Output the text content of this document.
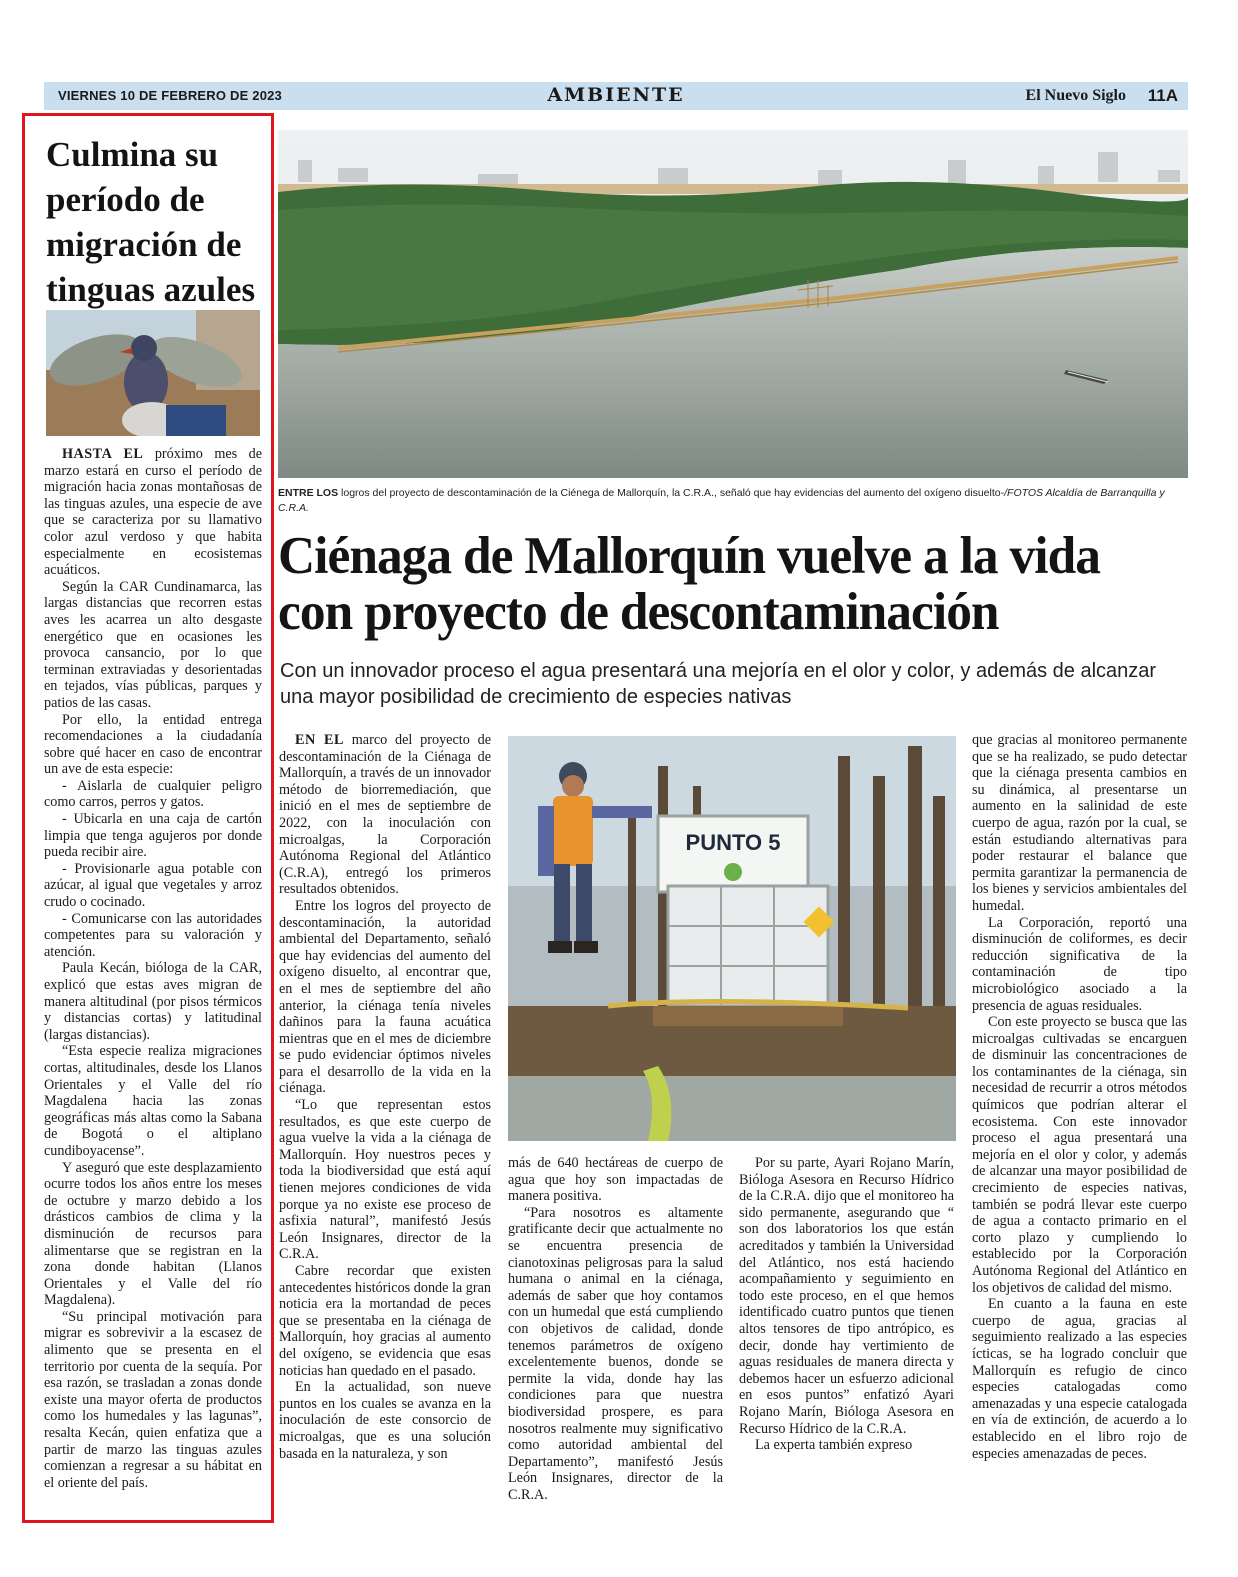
VIERNES 10 DE FEBRERO DE 2023	AMBIENTE	El Nuevo Siglo 11A
Culmina su período de migración de tinguas azules

HASTA EL próximo mes de marzo estará en curso el período de migración hacia zonas montañosas de las tinguas azules, una especie de ave que se caracteriza por su llamativo color azul verdoso y que habita especialmente en ecosistemas acuáticos.

Según la CAR Cundinamarca, las largas distancias que recorren estas aves les acarrea un alto desgaste energético que en ocasiones les provoca cansancio, por lo que terminan extraviadas y desorientadas en tejados, vías públicas, parques y patios de las casas.

Por ello, la entidad entrega recomendaciones a la ciudadanía sobre qué hacer en caso de encontrar un ave de esta especie:

- Aislarla de cualquier peligro como carros, perros y gatos.

- Ubicarla en una caja de cartón limpia que tenga agujeros por donde pueda recibir aire.

- Provisionarle agua potable con azúcar, al igual que vegetales y arroz crudo o cocinado.

- Comunicarse con las autoridades competentes para su valoración y atención.

Paula Kecán, bióloga de la CAR, explicó que estas aves migran de manera altitudinal (por pisos térmicos y distancias cortas) y latitudinal (largas distancias).

“Esta especie realiza migraciones cortas, altitudinales, desde los Llanos Orientales y el Valle del río Magdalena hacia las zonas geográficas más altas como la Sabana de Bogotá o el altiplano cundiboyacense”.

Y aseguró que este desplazamiento ocurre todos los años entre los meses de octubre y marzo debido a los drásticos cambios de clima y la disminución de recursos para alimentarse que se registran en la zona donde habitan (Llanos Orientales y el Valle del río Magdalena).

“Su principal motivación para migrar es sobrevivir a la escasez de alimento que se presenta en el territorio por cuenta de la sequía. Por esa razón, se trasladan a zonas donde existe una mayor oferta de productos como los humedales y las lagunas”, resalta Kecán, quien enfatiza que a partir de marzo las tinguas azules comienzan a regresar a su hábitat en el oriente del país.

ENTRE LOS logros del proyecto de descontaminación de la Ciénega de Mallorquín, la C.R.A., señaló que hay evidencias del aumento del oxígeno disuelto-/FOTOS Alcaldía de Barranquilla y C.R.A.
Ciénaga de Mallorquín vuelve a la vida con proyecto de descontaminación
Con un innovador proceso el agua presentará una mejoría en el olor y color, y además de alcanzar una mayor posibilidad de crecimiento de especies nativas

EN EL marco del proyecto de descontaminación de la Ciénaga de Mallorquín, a través de un innovador método de biorremediación, que inició en el mes de septiembre de 2022, con la inoculación con microalgas, la Corporación Autónoma Regional del Atlántico (C.R.A), entregó los primeros resultados obtenidos.

Entre los logros del proyecto de descontaminación, la autoridad ambiental del Departamento, señaló que hay evidencias del aumento del oxígeno disuelto, al encontrar que, en el mes de septiembre del año anterior, la ciénaga tenía niveles dañinos para la fauna acuática mientras que en el mes de diciembre se pudo evidenciar óptimos niveles para el desarrollo de la vida en la ciénaga.

“Lo que representan estos resultados, es que este cuerpo de agua vuelve la vida a la ciénaga de Mallorquín. Hoy nuestros peces y toda la biodiversidad que está aquí tienen mejores condiciones de vida porque ya no existe ese proceso de asfixia natural”, manifestó Jesús León Insignares, director de la C.R.A.

Cabre recordar que existen antecedentes históricos donde la gran noticia era la mortandad de peces que se presentaba en la ciénaga de Mallorquín, hoy gracias al aumento del oxígeno, se evidencia que esas noticias han quedado en el pasado.

En la actualidad, son nueve puntos en los cuales se avanza en la inoculación de este consorcio de microalgas, que es una solución basada en la naturaleza, y son

PUNTO 5

más de 640 hectáreas de cuerpo de agua que hoy son impactadas de manera positiva.

“Para nosotros es altamente gratificante decir que actualmente no se encuentra presencia de cianotoxinas peligrosas para la salud humana o animal en la ciénaga, además de saber que hoy contamos con un humedal que está cumpliendo con objetivos de calidad, donde tenemos parámetros de oxígeno excelentemente buenos, donde se permite la vida, donde hay las condiciones para que nuestra biodiversidad prospere, es para nosotros realmente muy significativo como autoridad ambiental del Departamento”, manifestó Jesús León Insignares, director de la C.R.A.

Por su parte, Ayari Rojano Marín, Bióloga Asesora en Recurso Hídrico de la C.R.A. dijo que el monitoreo ha sido permanente, asegurando que “ son dos laboratorios los que están acreditados y también la Universidad del Atlántico, nos está haciendo acompañamiento y seguimiento en todo este proceso, en el que hemos identificado cuatro puntos que tienen altos tensores de tipo antrópico, es decir, donde hay vertimiento de aguas residuales de manera directa y debemos hacer un esfuerzo adicional en esos puntos” enfatizó Ayari Rojano Marín, Bióloga Asesora en Recurso Hídrico de la C.R.A.

La experta también expreso

que gracias al monitoreo permanente que se ha realizado, se pudo detectar que la ciénaga presenta cambios en su dinámica, al presentarse un aumento en la salinidad de este cuerpo de agua, razón por la cual, se están estudiando alternativas para poder restaurar el balance que permita garantizar la permanencia de los bienes y servicios ambientales del humedal.

La Corporación, reportó una disminución de coliformes, es decir reducción significativa de la contaminación de tipo microbiológico asociado a la presencia de aguas residuales.

Con este proyecto se busca que las microalgas cultivadas se encarguen de disminuir las concentraciones de los contaminantes de la ciénaga, sin necesidad de recurrir a otros métodos químicos que podrían alterar el ecosistema. Con este innovador proceso el agua presentará una mejoría en el olor y color, y además de alcanzar una mayor posibilidad de crecimiento de especies nativas, también se podrá llevar este cuerpo de agua a contacto primario en el corto plazo y cumpliendo lo establecido por la Corporación Autónoma Regional del Atlántico en los objetivos de calidad del mismo.

En cuanto a la fauna en este cuerpo de agua, gracias al seguimiento realizado a las especies ícticas, se ha logrado concluir que Mallorquín es refugio de cinco especies catalogadas como amenazadas y una especie catalogada en vía de extinción, de acuerdo a lo establecido en el libro rojo de especies amenazadas de peces.
